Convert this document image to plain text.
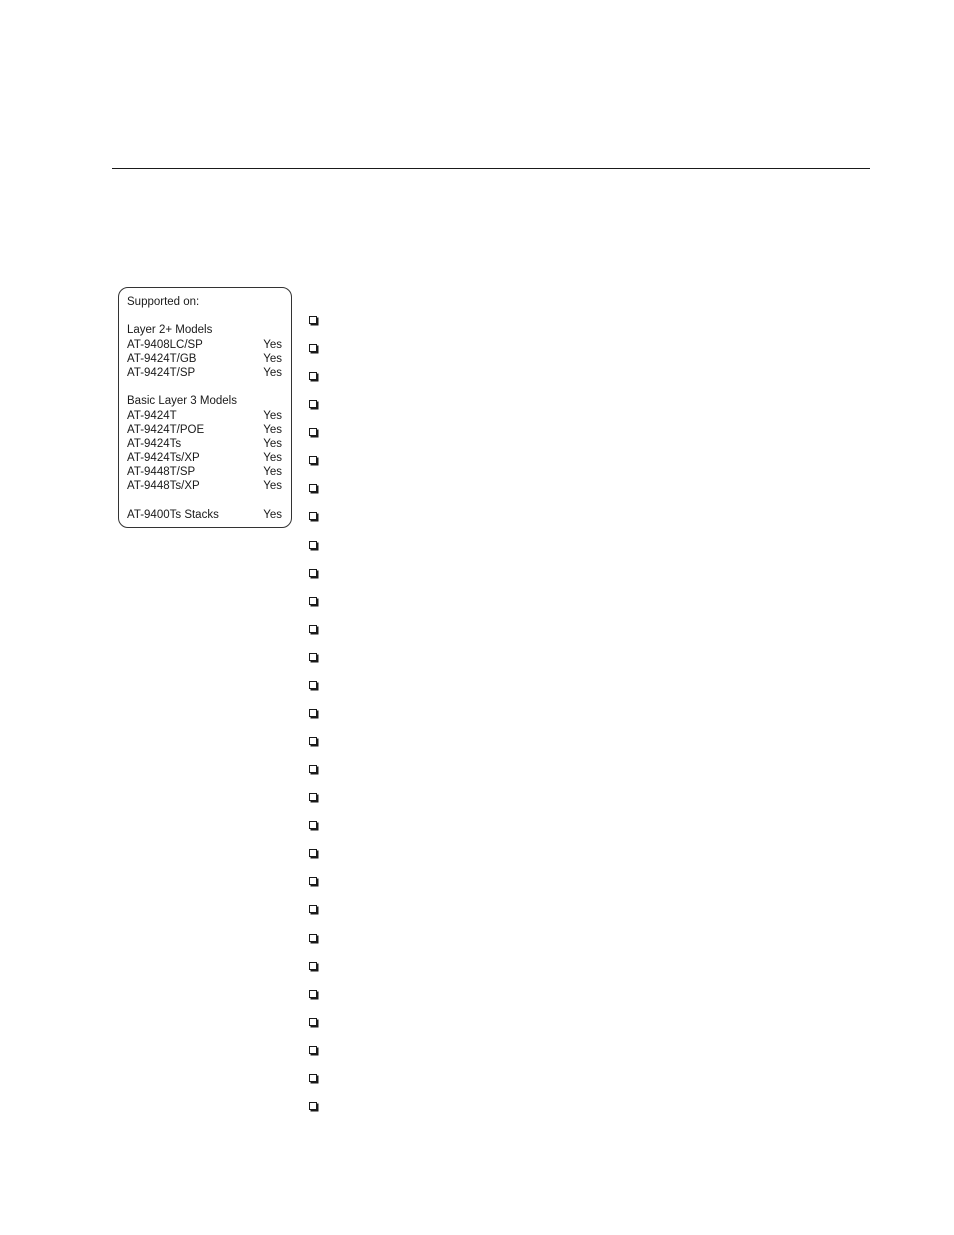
Supported on:
Layer 2+ Models
AT-9408LC/SP	Yes
AT-9424T/GB	Yes
AT-9424T/SP	Yes
Basic Layer 3 Models
AT-9424T	Yes
AT-9424T/POE	Yes
AT-9424Ts	Yes
AT-9424Ts/XP	Yes
AT-9448T/SP	Yes
AT-9448Ts/XP	Yes
AT-9400Ts Stacks	Yes
